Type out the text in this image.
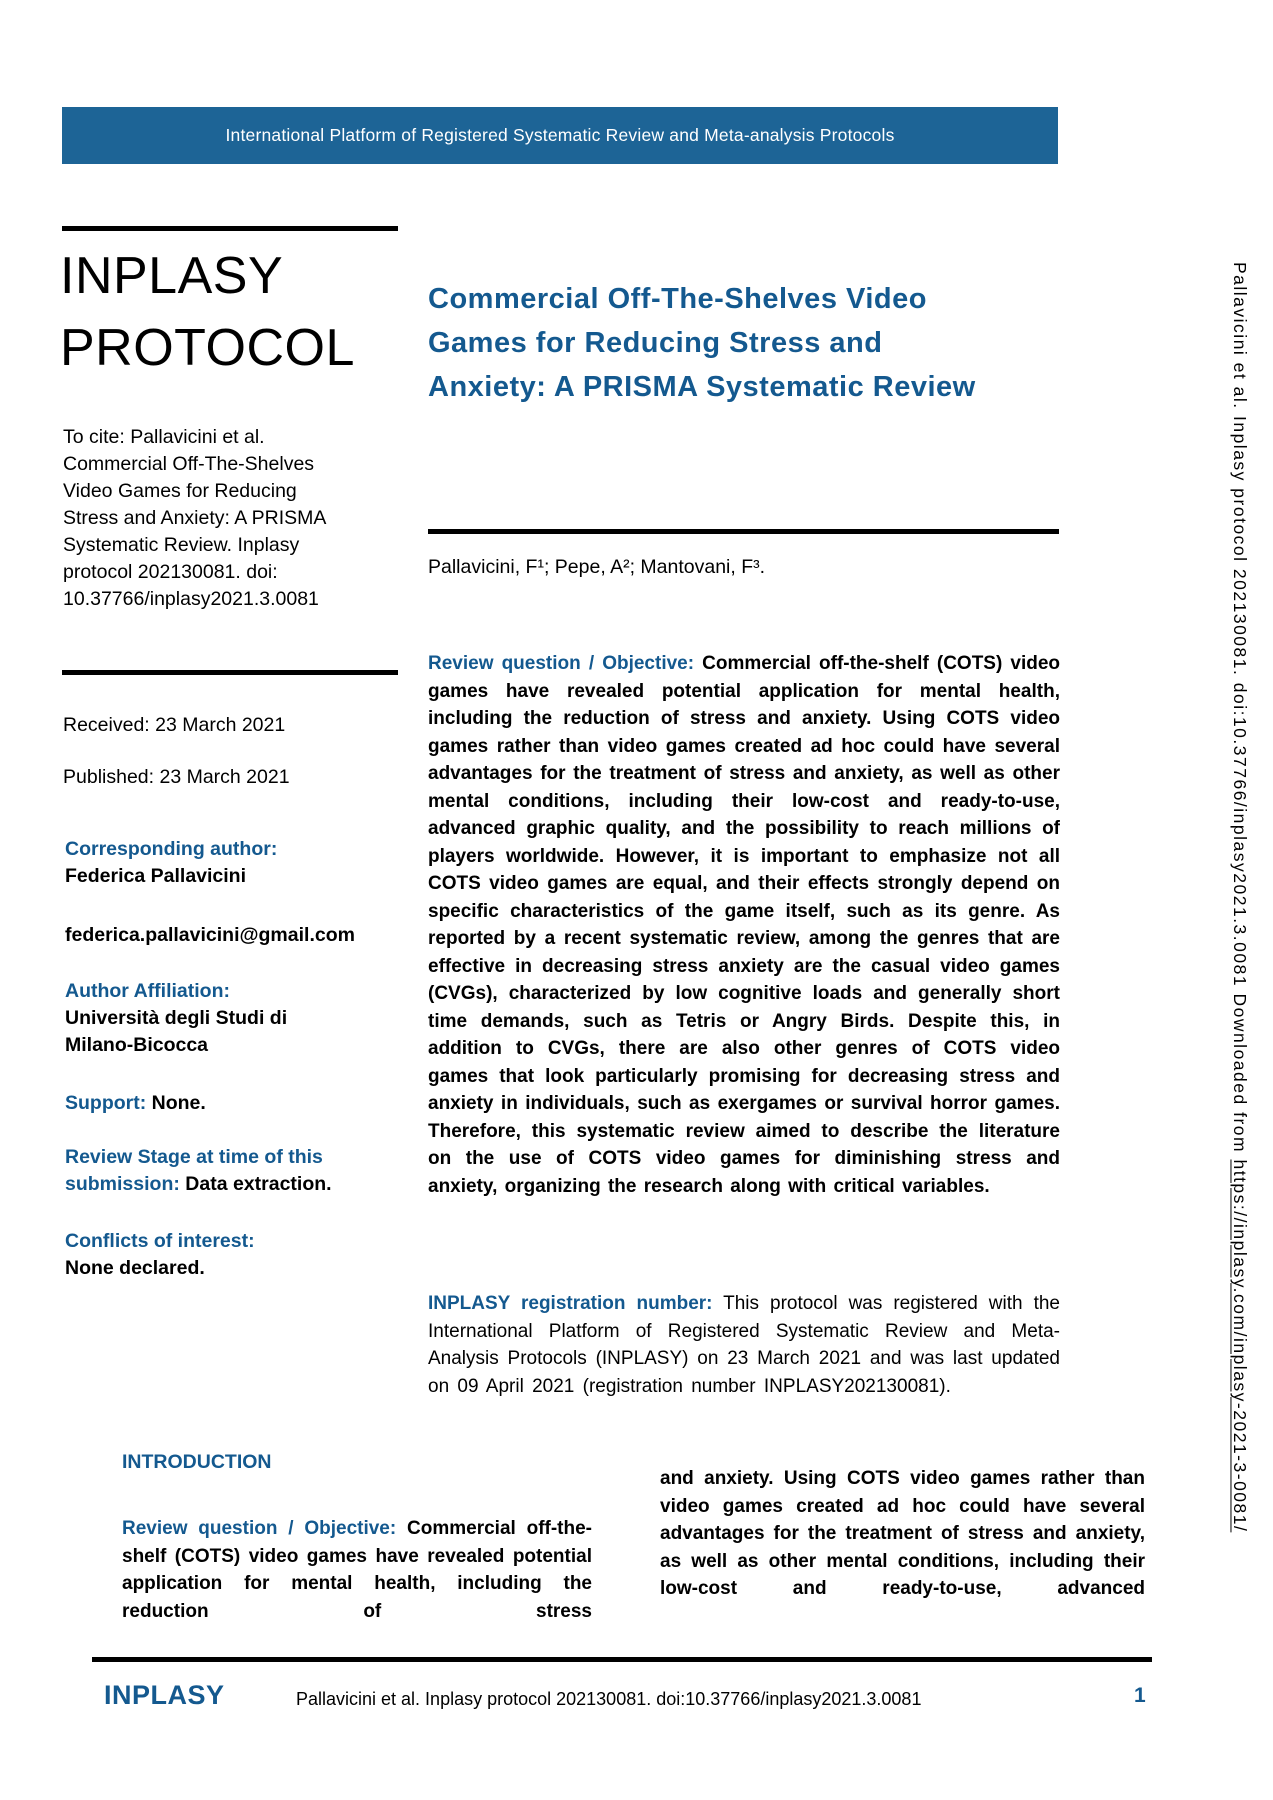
International Platform of Registered Systematic Review and Meta-analysis Protocols
INPLASY
PROTOCOL
To cite: Pallavicini et al. Commercial Off-The-Shelves Video Games for Reducing Stress and Anxiety: A PRISMA Systematic Review. Inplasy protocol 202130081. doi: 10.37766/inplasy2021.3.0081
Received: 23 March 2021
Published: 23 March 2021
Corresponding author:
Federica Pallavicini
federica.pallavicini@gmail.com
Author Affiliation:
Università degli Studi di Milano-Bicocca
Support: None.
Review Stage at time of this submission: Data extraction.
Conflicts of interest:
None declared.
Commercial Off-The-Shelves Video
Games for Reducing Stress and
Anxiety: A PRISMA Systematic Review
Pallavicini, F¹; Pepe, A²; Mantovani, F³.

Review question / Objective: Commercial off-the-shelf (COTS) video games have revealed potential application for mental health, including the reduction of stress and anxiety. Using COTS video games rather than video games created ad hoc could have several advantages for the treatment of stress and anxiety, as well as other mental conditions, including their low-cost and ready-to-use, advanced graphic quality, and the possibility to reach millions of players worldwide. However, it is important to emphasize not all COTS video games are equal, and their effects strongly depend on specific characteristics of the game itself, such as its genre. As reported by a recent systematic review, among the genres that are effective in decreasing stress anxiety are the casual video games (CVGs), characterized by low cognitive loads and generally short time demands, such as Tetris or Angry Birds. Despite this, in addition to CVGs, there are also other genres of COTS video games that look particularly promising for decreasing stress and anxiety in individuals, such as exergames or survival horror games. Therefore, this systematic review aimed to describe the literature on the use of COTS video games for diminishing stress and anxiety, organizing the research along with critical variables.

INPLASY registration number: This protocol was registered with the International Platform of Registered Systematic Review and Meta-Analysis Protocols (INPLASY) on 23 March 2021 and was last updated on 09 April 2021 (registration number INPLASY202130081).

INTRODUCTION

Review question / Objective: Commercial off-the-shelf (COTS) video games have revealed potential application for mental health, including the reduction of stress

and anxiety. Using COTS video games rather than video games created ad hoc could have several advantages for the treatment of stress and anxiety, as well as other mental conditions, including their low-cost and ready-to-use, advanced

INPLASY	Pallavicini et al. Inplasy protocol 202130081. doi:10.37766/inplasy2021.3.0081	1
Pallavicini et al. Inplasy protocol 202130081. doi:10.37766/inplasy2021.3.0081 Downloaded from https://inplasy.com/inplasy-2021-3-0081/
